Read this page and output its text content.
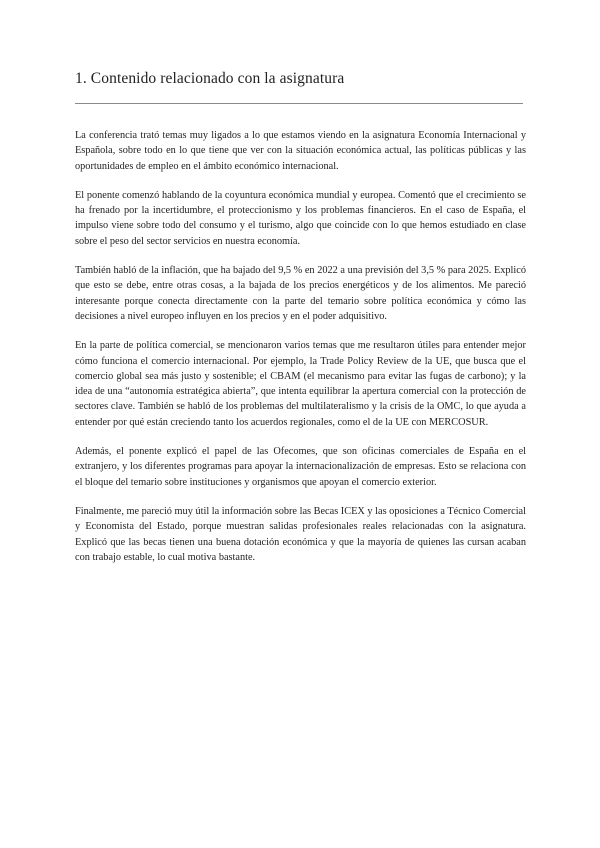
1. Contenido relacionado con la asignatura

La conferencia trató temas muy ligados a lo que estamos viendo en la asignatura Economía Internacional y Española, sobre todo en lo que tiene que ver con la situación económica actual, las políticas públicas y las oportunidades de empleo en el ámbito económico internacional.

El ponente comenzó hablando de la coyuntura económica mundial y europea. Comentó que el crecimiento se ha frenado por la incertidumbre, el proteccionismo y los problemas financieros. En el caso de España, el impulso viene sobre todo del consumo y el turismo, algo que coincide con lo que hemos estudiado en clase sobre el peso del sector servicios en nuestra economía.

También habló de la inflación, que ha bajado del 9,5 % en 2022 a una previsión del 3,5 % para 2025. Explicó que esto se debe, entre otras cosas, a la bajada de los precios energéticos y de los alimentos. Me pareció interesante porque conecta directamente con la parte del temario sobre política económica y cómo las decisiones a nivel europeo influyen en los precios y en el poder adquisitivo.

En la parte de política comercial, se mencionaron varios temas que me resultaron útiles para entender mejor cómo funciona el comercio internacional. Por ejemplo, la Trade Policy Review de la UE, que busca que el comercio global sea más justo y sostenible; el CBAM (el mecanismo para evitar las fugas de carbono); y la idea de una “autonomía estratégica abierta”, que intenta equilibrar la apertura comercial con la protección de sectores clave. También se habló de los problemas del multilateralismo y la crisis de la OMC, lo que ayuda a entender por qué están creciendo tanto los acuerdos regionales, como el de la UE con MERCOSUR.

Además, el ponente explicó el papel de las Ofecomes, que son oficinas comerciales de España en el extranjero, y los diferentes programas para apoyar la internacionalización de empresas. Esto se relaciona con el bloque del temario sobre instituciones y organismos que apoyan el comercio exterior.

Finalmente, me pareció muy útil la información sobre las Becas ICEX y las oposiciones a Técnico Comercial y Economista del Estado, porque muestran salidas profesionales reales relacionadas con la asignatura. Explicó que las becas tienen una buena dotación económica y que la mayoría de quienes las cursan acaban con trabajo estable, lo cual motiva bastante.
